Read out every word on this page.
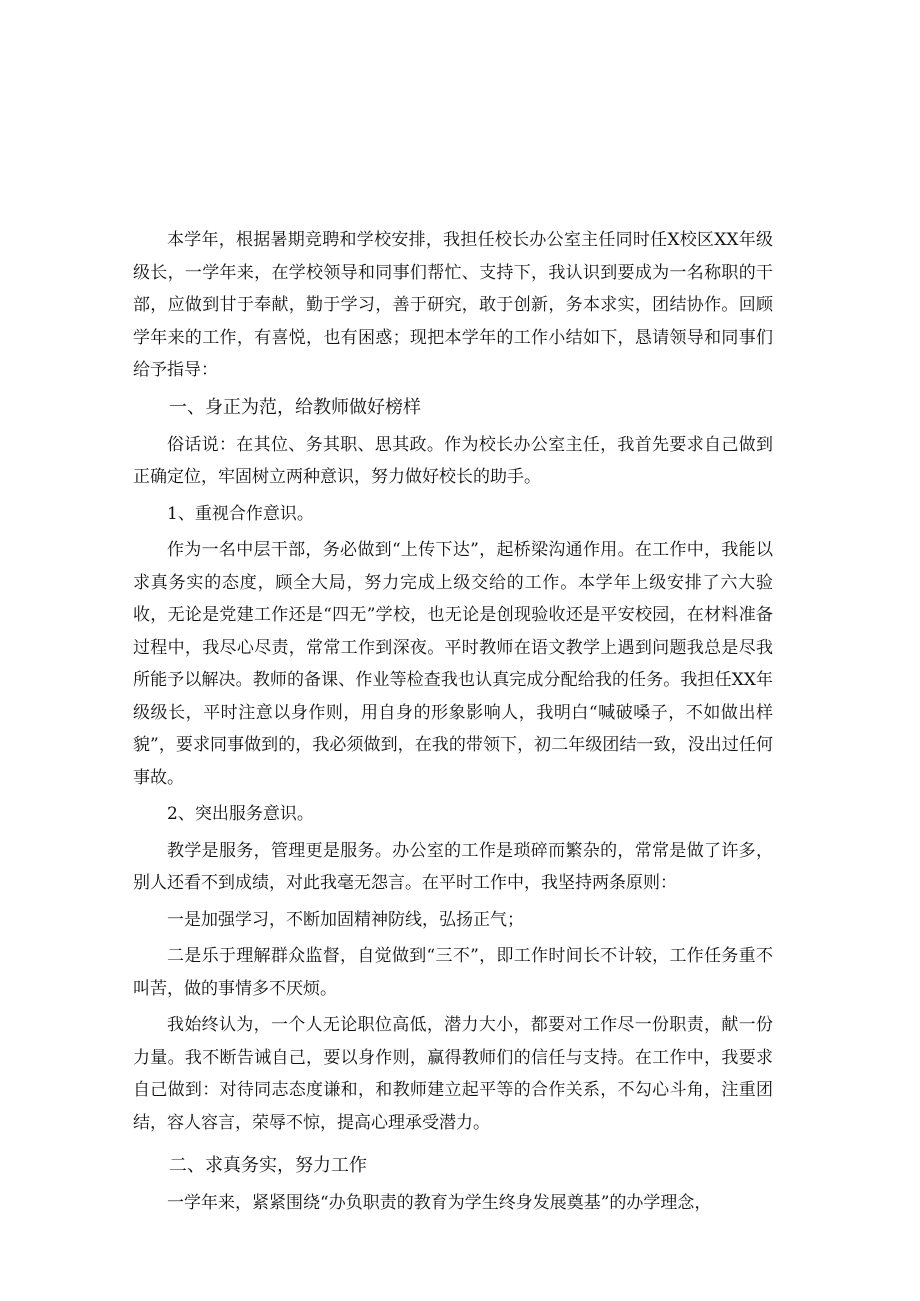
本学年，根据暑期竞聘和学校安排，我担任校长办公室主任同时任X校区XX年级级长，一学年来，在学校领导和同事们帮忙、支持下，我认识到要成为一名称职的干部，应做到甘于奉献，勤于学习，善于研究，敢于创新，务本求实，团结协作。回顾学年来的工作，有喜悦，也有困惑；现把本学年的工作小结如下，恳请领导和同事们给予指导：

一、身正为范，给教师做好榜样

俗话说：在其位、务其职、思其政。作为校长办公室主任，我首先要求自己做到正确定位，牢固树立两种意识，努力做好校长的助手。

1、重视合作意识。

作为一名中层干部，务必做到“上传下达”，起桥梁沟通作用。在工作中，我能以求真务实的态度，顾全大局，努力完成上级交给的工作。本学年上级安排了六大验收，无论是党建工作还是“四无”学校，也无论是创现验收还是平安校园，在材料准备过程中，我尽心尽责，常常工作到深夜。平时教师在语文教学上遇到问题我总是尽我所能予以解决。教师的备课、作业等检查我也认真完成分配给我的任务。我担任XX年级级长，平时注意以身作则，用自身的形象影响人，我明白“喊破嗓子，不如做出样貌”，要求同事做到的，我必须做到，在我的带领下，初二年级团结一致，没出过任何事故。

2、突出服务意识。

教学是服务，管理更是服务。办公室的工作是琐碎而繁杂的，常常是做了许多，别人还看不到成绩，对此我毫无怨言。在平时工作中，我坚持两条原则：

一是加强学习，不断加固精神防线，弘扬正气；

二是乐于理解群众监督，自觉做到“三不”，即工作时间长不计较，工作任务重不叫苦，做的事情多不厌烦。

我始终认为，一个人无论职位高低，潜力大小，都要对工作尽一份职责，献一份力量。我不断告诫自己，要以身作则，赢得教师们的信任与支持。在工作中，我要求自己做到：对待同志态度谦和，和教师建立起平等的合作关系，不勾心斗角，注重团结，容人容言，荣辱不惊，提高心理承受潜力。

二、求真务实，努力工作

一学年来，紧紧围绕“办负职责的教育为学生终身发展奠基”的办学理念，
